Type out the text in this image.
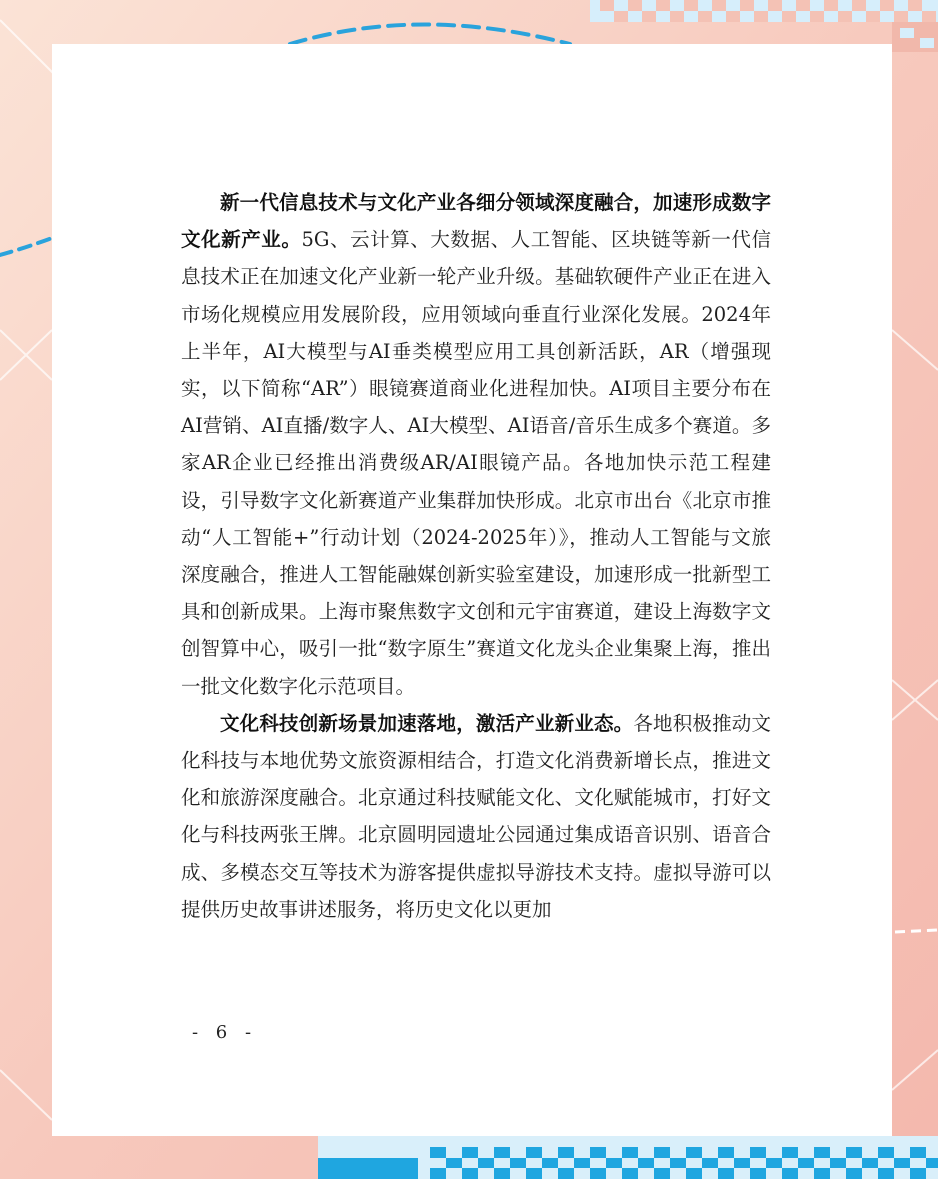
新一代信息技术与文化产业各细分领域深度融合，加速形成数字文化新产业。5G、云计算、大数据、人工智能、区块链等新一代信息技术正在加速文化产业新一轮产业升级。基础软硬件产业正在进入市场化规模应用发展阶段，应用领域向垂直行业深化发展。2024年上半年，AI大模型与AI垂类模型应用工具创新活跃，AR（增强现实，以下简称“AR”）眼镜赛道商业化进程加快。AI项目主要分布在AI营销、AI直播/数字人、AI大模型、AI语音/音乐生成多个赛道。多家AR企业已经推出消费级AR/AI眼镜产品。各地加快示范工程建设，引导数字文化新赛道产业集群加快形成。北京市出台《北京市推动“人工智能+”行动计划（2024-2025年）》，推动人工智能与文旅深度融合，推进人工智能融媒创新实验室建设，加速形成一批新型工具和创新成果。上海市聚焦数字文创和元宇宙赛道，建设上海数字文创智算中心，吸引一批“数字原生”赛道文化龙头企业集聚上海，推出一批文化数字化示范项目。

文化科技创新场景加速落地，激活产业新业态。各地积极推动文化科技与本地优势文旅资源相结合，打造文化消费新增长点，推进文化和旅游深度融合。北京通过科技赋能文化、文化赋能城市，打好文化与科技两张王牌。北京圆明园遗址公园通过集成语音识别、语音合成、多模态交互等技术为游客提供虚拟导游技术支持。虚拟导游可以提供历史故事讲述服务，将历史文化以更加

- 6 -
